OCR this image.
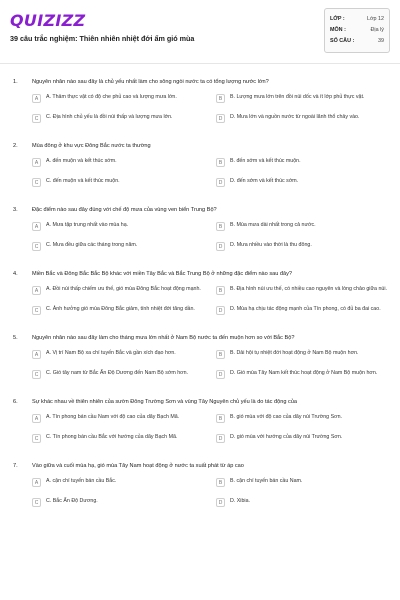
QUIZIZZ
39 câu trắc nghiệm: Thiên nhiên nhiệt đới ẩm gió mùa
LỚP :	Lớp 12
MÔN :	Địa lý
SỐ CÂU :	39
1.	Nguyên nhân nào sau đây là chủ yếu nhất làm cho sông ngòi nước ta có tổng lượng nước lớn?
A	A. Thảm thực vật có độ che phủ cao và lượng mưa lớn.	B	B. Lượng mưa lớn trên đồi núi dốc và ít lớp phủ thực vật.
C	C. Địa hình chủ yếu là đồi núi thấp và lượng mưa lớn.	D	D. Mưa lớn và nguồn nước từ ngoài lãnh thổ chảy vào.
2.	Mùa đông ở khu vực Đông Bắc nước ta thường
A	A. đến muộn và kết thúc sớm.	B	B. đến sớm và kết thúc muộn.
C	C. đến muộn và kết thúc muộn.	D	D. đến sớm và kết thúc sớm.
3.	Đặc điểm nào sau đây đúng với chế độ mưa của vùng ven biển Trung Bộ?
A	A. Mưa tập trung nhất vào mùa hạ.	B	B. Mùa mưa dài nhất trong cả nước.
C	C. Mưa đều giữa các tháng trong năm.	D	D. Mưa nhiều vào thời là thu đông.
4.	Miền Bắc và Đông Bắc Bắc Bộ khác với miền Tây Bắc và Bắc Trung Bộ ở những đặc điểm nào sau đây?
A	A. Đồi núi thấp chiếm ưu thế, gió mùa Đông Bắc hoạt động mạnh.	B	B. Địa hình núi ưu thế, có nhiều cao nguyên và lòng chảo giữa núi.
C	C. Ảnh hưởng gió mùa Đông Bắc giảm, tính nhiệt đới tăng dần.	D	D. Mùa hạ chịu tác động mạnh của Tín phong, có đủ ba đai cao.
5.	Nguyên nhân nào sau đây làm cho tháng mưa lớn nhất ở Nam Bộ nước ta đến muộn hơn so với Bắc Bộ?
A	A. Vị trí Nam Bộ xa chí tuyến Bắc và gần xích đạo hơn.	B	B. Dải hội tụ nhiệt đới hoạt động ở Nam Bộ muộn hơn.
C	C. Gió tây nam từ Bắc Ấn Độ Dương đến Nam Bộ sớm hơn.	D	D. Gió mùa Tây Nam kết thúc hoạt động ở Nam Bộ muộn hơn.
6.	Sự khác nhau về thiên nhiên của sườn Đông Trường Sơn và vùng Tây Nguyên chủ yếu là do tác động của
A	A. Tín phong bán cầu Nam với độ cao của dãy Bạch Mã.	B	B. gió mùa với độ cao của dãy núi Trường Sơn.
C	C. Tín phong bán cầu Bắc với hướng của dãy Bạch Mã.	D	D. gió mùa với hướng của dãy núi Trường Sơn.
7.	Vào giữa và cuối mùa hạ, gió mùa Tây Nam hoạt động ở nước ta xuất phát từ áp cao
A	A. cận chí tuyến bán cầu Bắc.	B	B. cận chí tuyến bán cầu Nam.
C	C. Bắc Ấn Độ Dương.	D	D. Xibia.
